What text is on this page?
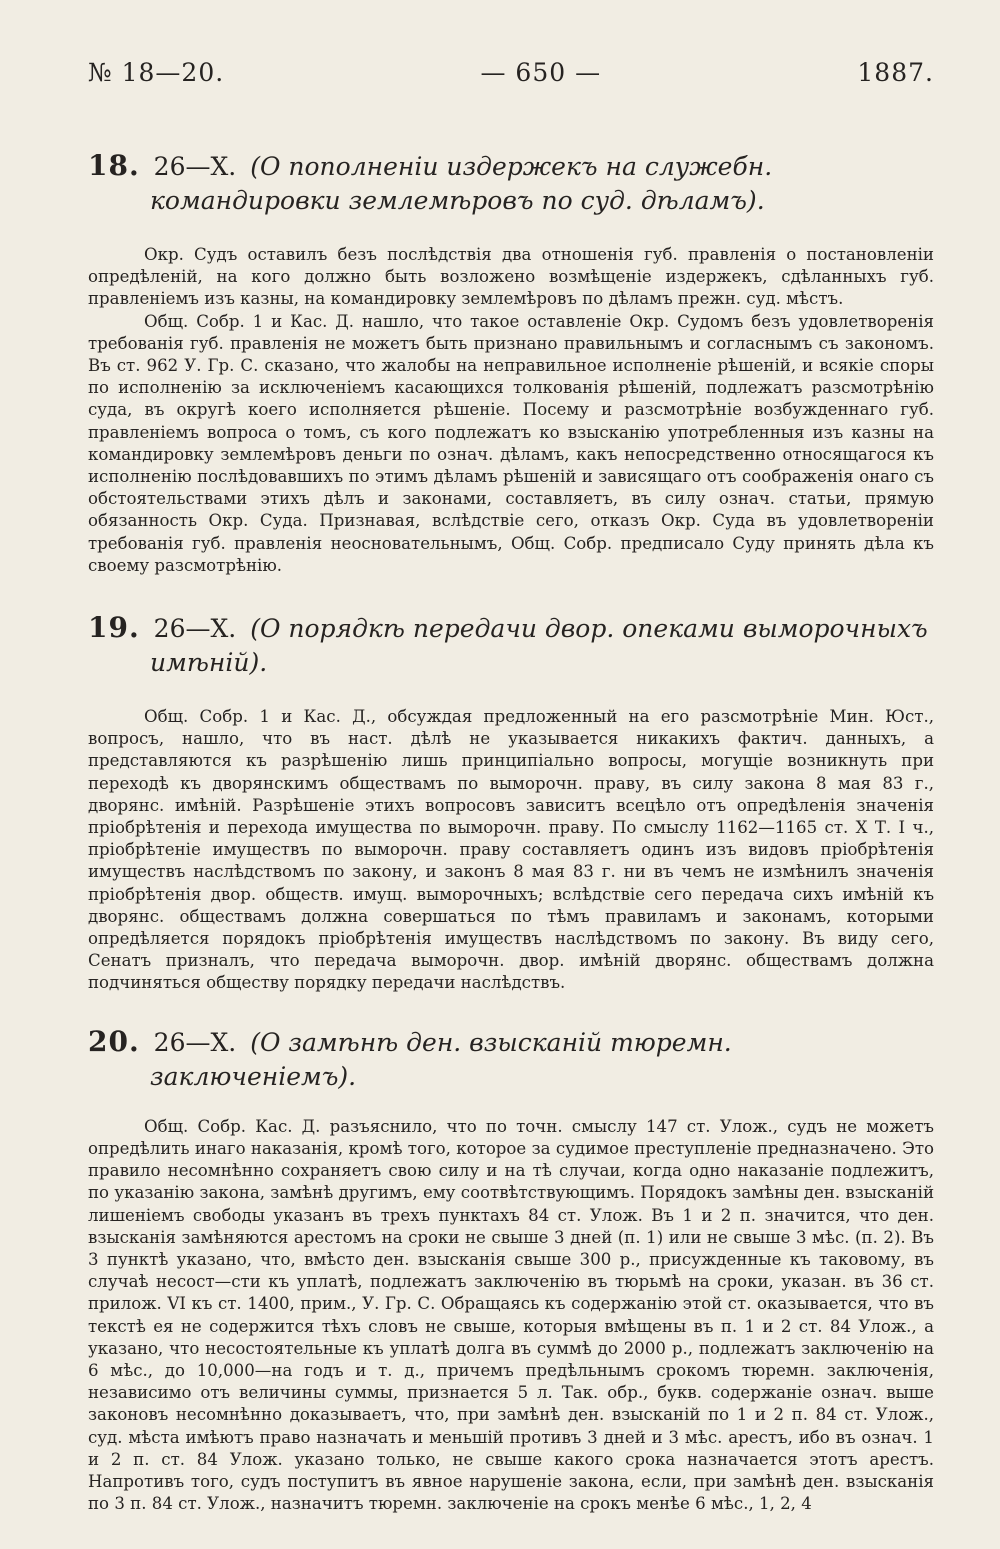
№ 18—20.	— 650 —	1887.
18. 26—X. (О пополненіи издержекъ на служебн. командировки землемѣровъ по суд. дѣламъ).

Окр. Судъ оставилъ безъ послѣдствія два отношенія губ. правленія о постановленіи опредѣленій, на кого должно быть возложено возмѣщеніе издержекъ, сдѣланныхъ губ. правленіемъ изъ казны, на командировку землемѣровъ по дѣламъ прежн. суд. мѣстъ.

Общ. Собр. 1 и Кас. Д. нашло, что такое оставленіе Окр. Судомъ безъ удовлетворенія требованія губ. правленія не можетъ быть признано правильнымъ и согласнымъ съ закономъ. Въ ст. 962 У. Гр. С. сказано, что жалобы на неправильное исполненіе рѣшеній, и всякіе споры по исполненію за исключеніемъ касающихся толкованія рѣшеній, подлежатъ разсмотрѣнію суда, въ округѣ коего исполняется рѣшеніе. Посему и разсмотрѣніе возбужденнаго губ. правленіемъ вопроса о томъ, съ кого подлежатъ ко взысканію употребленныя изъ казны на командировку землемѣровъ деньги по означ. дѣламъ, какъ непосредственно относящагося къ исполненію послѣдовавшихъ по этимъ дѣламъ рѣшеній и зависящаго отъ соображенія онаго съ обстоятельствами этихъ дѣлъ и законами, составляетъ, въ силу означ. статьи, прямую обязанность Окр. Суда. Признавая, вслѣдствіе сего, отказъ Окр. Суда въ удовлетвореніи требованія губ. правленія неосновательнымъ, Общ. Собр. предписало Суду принять дѣла къ своему разсмотрѣнію.

19. 26—X. (О порядкѣ передачи двор. опеками выморочныхъ имѣній).

Общ. Собр. 1 и Кас. Д., обсуждая предложенный на его разсмотрѣніе Мин. Юст., вопросъ, нашло, что въ наст. дѣлѣ не указывается никакихъ фактич. данныхъ, а представляются къ разрѣшенію лишь принципіально вопросы, могущіе возникнуть при переходѣ къ дворянскимъ обществамъ по выморочн. праву, въ силу закона 8 мая 83 г., дворянс. имѣній. Разрѣшеніе этихъ вопросовъ зависитъ всецѣло отъ опредѣленія значенія пріобрѣтенія и перехода имущества по выморочн. праву. По смыслу 1162—1165 ст. X Т. I ч., пріобрѣтеніе имуществъ по выморочн. праву составляетъ одинъ изъ видовъ пріобрѣтенія имуществъ наслѣдствомъ по закону, и законъ 8 мая 83 г. ни въ чемъ не измѣнилъ значенія пріобрѣтенія двор. обществ. имущ. выморочныхъ; вслѣдствіе сего передача сихъ имѣній къ дворянс. обществамъ должна совершаться по тѣмъ правиламъ и законамъ, которыми опредѣляется порядокъ пріобрѣтенія имуществъ наслѣдствомъ по закону. Въ виду сего, Сенатъ призналъ, что передача выморочн. двор. имѣній дворянс. обществамъ должна подчиняться обществу порядку передачи наслѣдствъ.

20. 26—X. (О замѣнѣ ден. взысканій тюремн. заключеніемъ).

Общ. Собр. Кас. Д. разъяснило, что по точн. смыслу 147 ст. Улож., судъ не можетъ опредѣлить инаго наказанія, кромѣ того, которое за судимое преступленіе предназначено. Это правило несомнѣнно сохраняетъ свою силу и на тѣ случаи, когда одно наказаніе подлежитъ, по указанію закона, замѣнѣ другимъ, ему соотвѣтствующимъ. Порядокъ замѣны ден. взысканій лишеніемъ свободы указанъ въ трехъ пунктахъ 84 ст. Улож. Въ 1 и 2 п. значится, что ден. взысканія замѣняются арестомъ на сроки не свыше 3 дней (п. 1) или не свыше 3 мѣс. (п. 2). Въ 3 пунктѣ указано, что, вмѣсто ден. взысканія свыше 300 р., присужденные къ таковому, въ случаѣ несост—сти къ уплатѣ, подлежатъ заключенію въ тюрьмѣ на сроки, указан. въ 36 ст. прилож. VI къ ст. 1400, прим., У. Гр. С. Обращаясь къ содержанію этой ст. оказывается, что въ текстѣ ея не содержится тѣхъ словъ не свыше, которыя вмѣщены въ п. 1 и 2 ст. 84 Улож., а указано, что несостоятельные къ уплатѣ долга въ суммѣ до 2000 р., подлежатъ заключенію на 6 мѣс., до 10,000—на годъ и т. д., причемъ предѣльнымъ срокомъ тюремн. заключенія, независимо отъ величины суммы, признается 5 л. Так. обр., букв. содержаніе означ. выше законовъ несомнѣнно доказываетъ, что, при замѣнѣ ден. взысканій по 1 и 2 п. 84 ст. Улож., суд. мѣста имѣютъ право назначать и меньшій противъ 3 дней и 3 мѣс. арестъ, ибо въ означ. 1 и 2 п. ст. 84 Улож. указано только, не свыше какого срока назначается этотъ арестъ. Напротивъ того, судъ поступитъ въ явное нарушеніе закона, если, при замѣнѣ ден. взысканія по 3 п. 84 ст. Улож., назначитъ тюремн. заключеніе на срокъ менѣе 6 мѣс., 1, 2, 4
